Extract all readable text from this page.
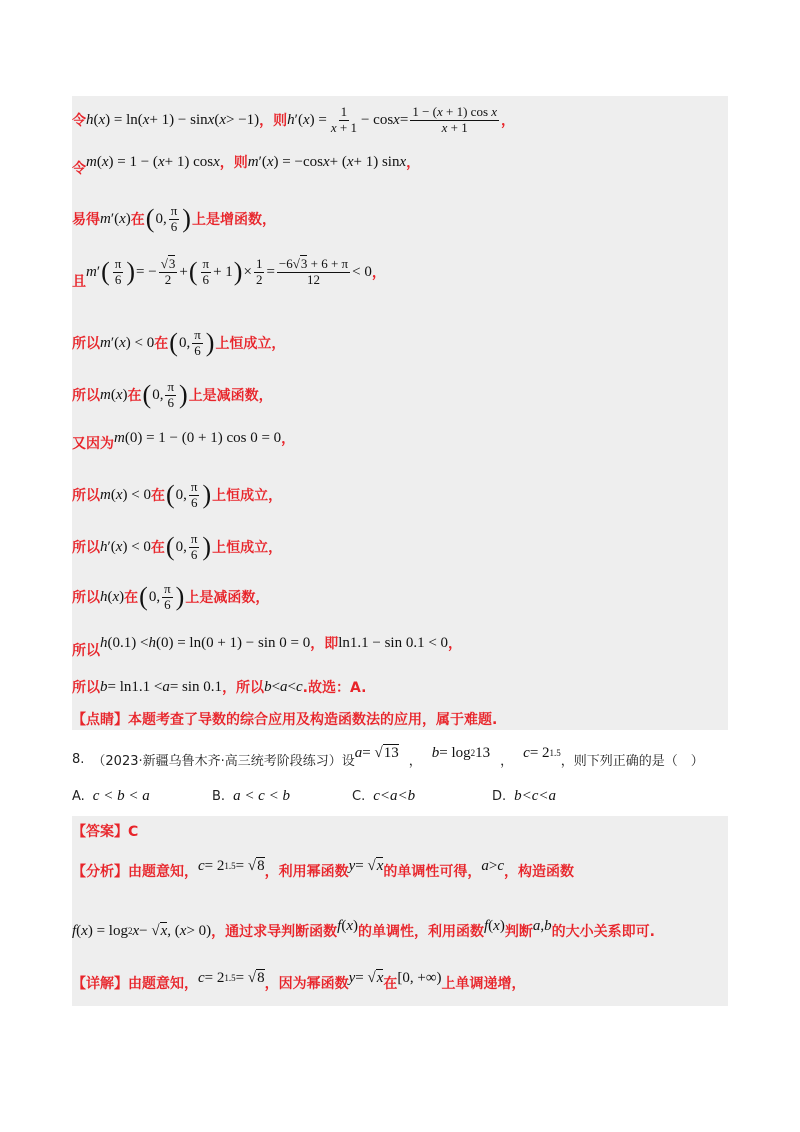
令 h ( x ) = ln( x + 1) − sin x ( x > −1) ，则 h ′( x ) = $\frac{1}{x + 1} - \cos x = \frac{\text{1 − (x + 1) cos x}}{x + 1}$ ，
令 m ( x ) = 1 − ( x + 1) cos x ，则 m ′( x ) = −cos x + ( x + 1) sin x ，
易得 m ′( x ) 在 ( 0, $\frac{\pi}{6}$ ) 上是增函数，
且
m ′ ( $\frac{\pi}{6}$ ) = − $\frac{√3}{2}$ + ( $\frac{\pi}{6} + 1$ ) × $\frac{1}{2} = \frac{-6√3 + 6 + \pi}{12} < 0$ ，
所以 m ′( x ) < 0 在 ( 0, $\frac{\pi}{6}$ ) 上恒成立，
所以 m ( x ) 在 ( 0, $\frac{\pi}{6}$ ) 上是减函数，
又因为 m (0) = 1 − (0 + 1) cos 0 = 0 ，
所以 m ( x ) < 0 在 ( 0, $\frac{\pi}{6}$ ) 上恒成立，
所以 h ′( x ) < 0 在 ( 0, $\frac{\pi}{6}$ ) 上恒成立，
所以 h ( x ) 在 ( 0, $\frac{\pi}{6}$ ) 上是减函数，
所以
h (0.1) < h (0) = ln(0 + 1) − sin 0 = 0 ，即 ln1.1 − sin 0.1 < 0 ，
所以 b = ln1.1 < a = sin 0.1 ，所以 b < a < c .故选：A.
【点睛】本题考查了导数的综合应用及构造函数法的应用，属于难题.
8. （2023·新疆乌鲁木齐·高三统考阶段练习）设
a = √ 13 ，
b = log 2 13
，
c = 2 1.5
，则下列正确的是（　）
A. c < b < a	B. a < c < b	C. c<a<b	D. b<c<a
【答案】C
【分析】由题意知， c = 2 1.5 = √ 8 ，利用幂函数 y = √ x 的单调性可得， a > c ，构造函数
f ( x ) = log 2 x − √ x , ( x > 0) ，通过求导判断函数 f ( x ) 的单调性，利用函数 f ( x ) 判断 a , b 的大小关系即可.
【详解】由题意知， c = 2 1.5 = √ 8 ，因为幂函数 y = √ x 在 [0, +∞) 上单调递增，
